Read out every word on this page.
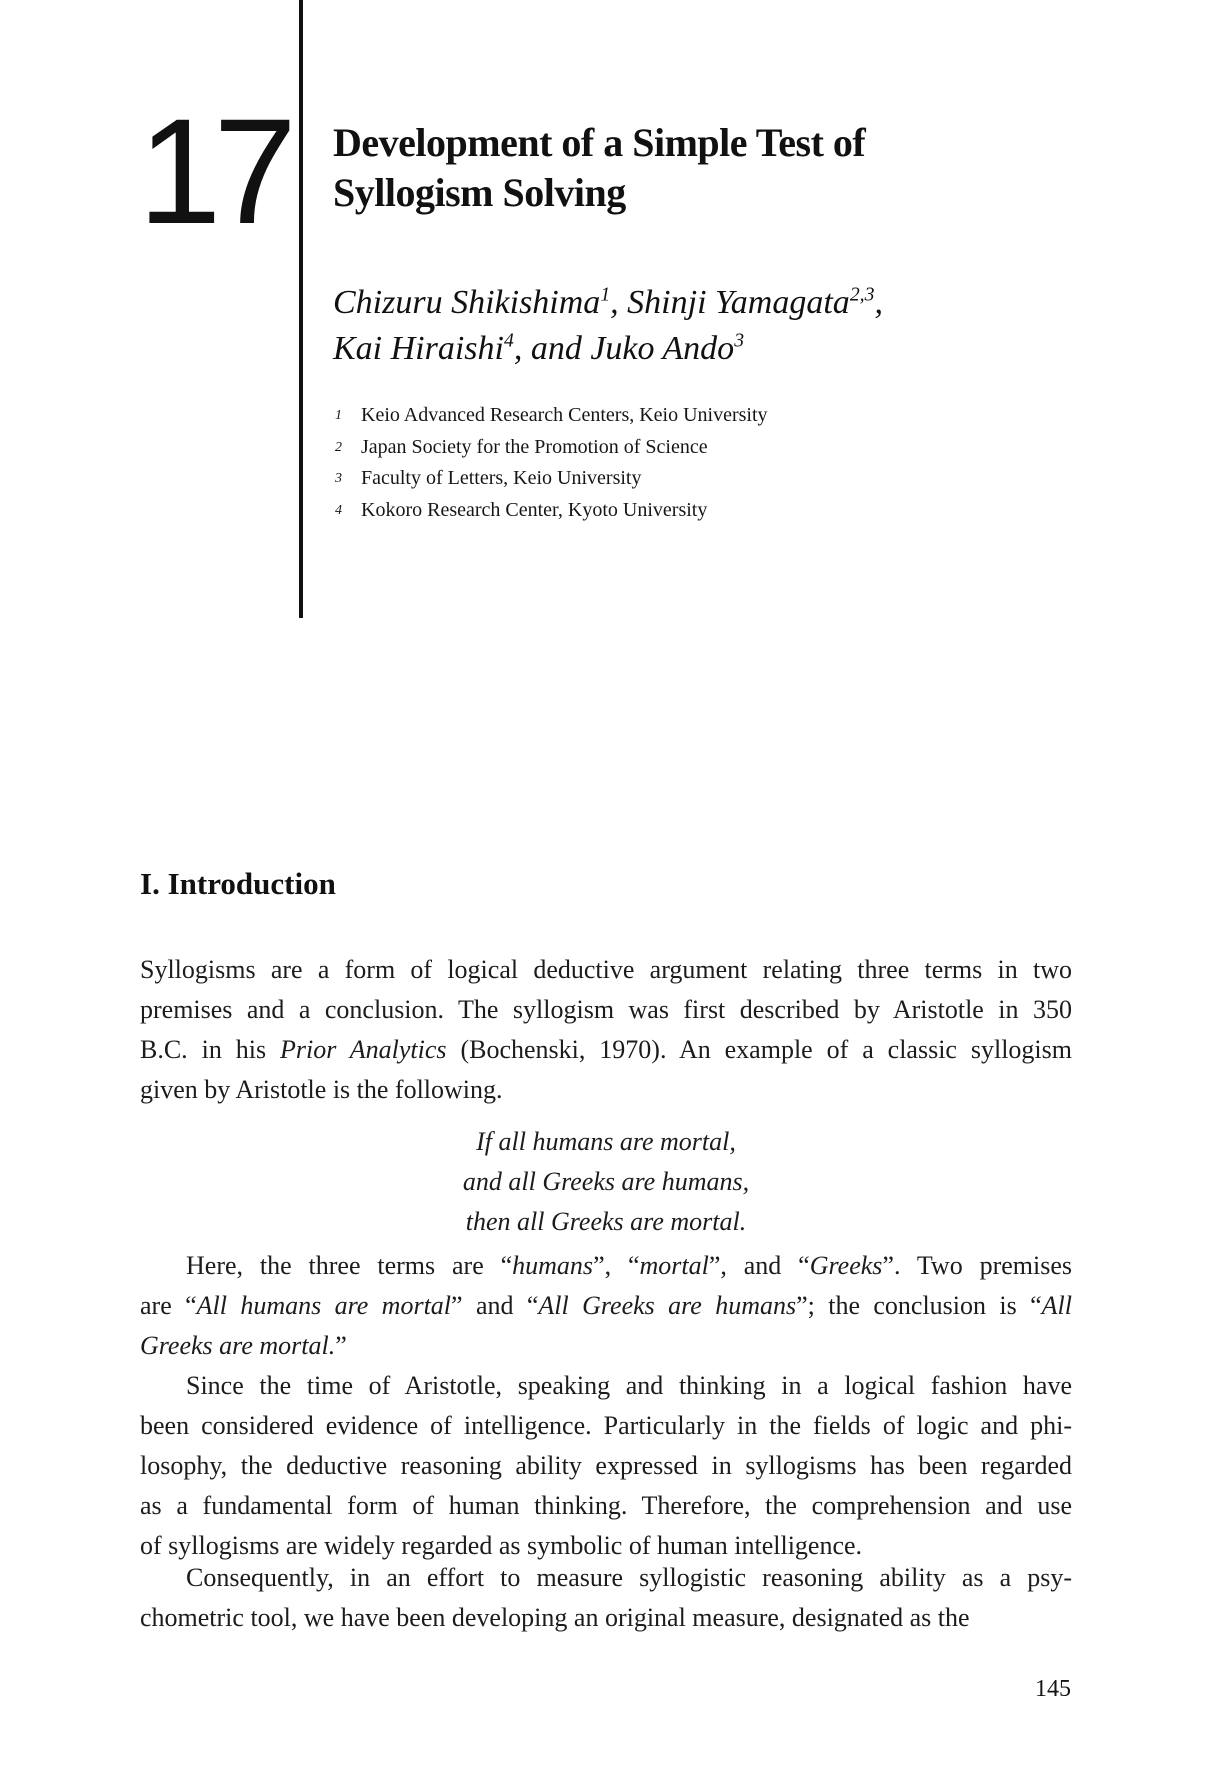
17 Development of a Simple Test of
Syllogism Solving
Chizuru Shikishima$^1$, Shinji Yamagata$^{2,3}$,
Kai Hiraishi$^4$, and Juko Ando$^3$
1 Keio Advanced Research Centers, Keio University
2 Japan Society for the Promotion of Science
3 Faculty of Letters, Keio University
4 Kokoro Research Center, Kyoto University
I. Introduction
Syllogisms are a form of logical deductive argument relating three terms in two
premises and a conclusion. The syllogism was first described by Aristotle in 350
B.C. in his Prior Analytics (Bochenski, 1970). An example of a classic syllogism
given by Aristotle is the following.
If all humans are mortal,
and all Greeks are humans,
then all Greeks are mortal.
Here, the three terms are “humans”, “mortal”, and “Greeks”. Two premises
are “All humans are mortal” and “All Greeks are humans”; the conclusion is “All
Greeks are mortal.”
Since the time of Aristotle, speaking and thinking in a logical fashion have
been considered evidence of intelligence. Particularly in the fields of logic and phi-
losophy, the deductive reasoning ability expressed in syllogisms has been regarded
as a fundamental form of human thinking. Therefore, the comprehension and use
of syllogisms are widely regarded as symbolic of human intelligence.
Consequently, in an effort to measure syllogistic reasoning ability as a psy-
chometric tool, we have been developing an original measure, designated as the
145
